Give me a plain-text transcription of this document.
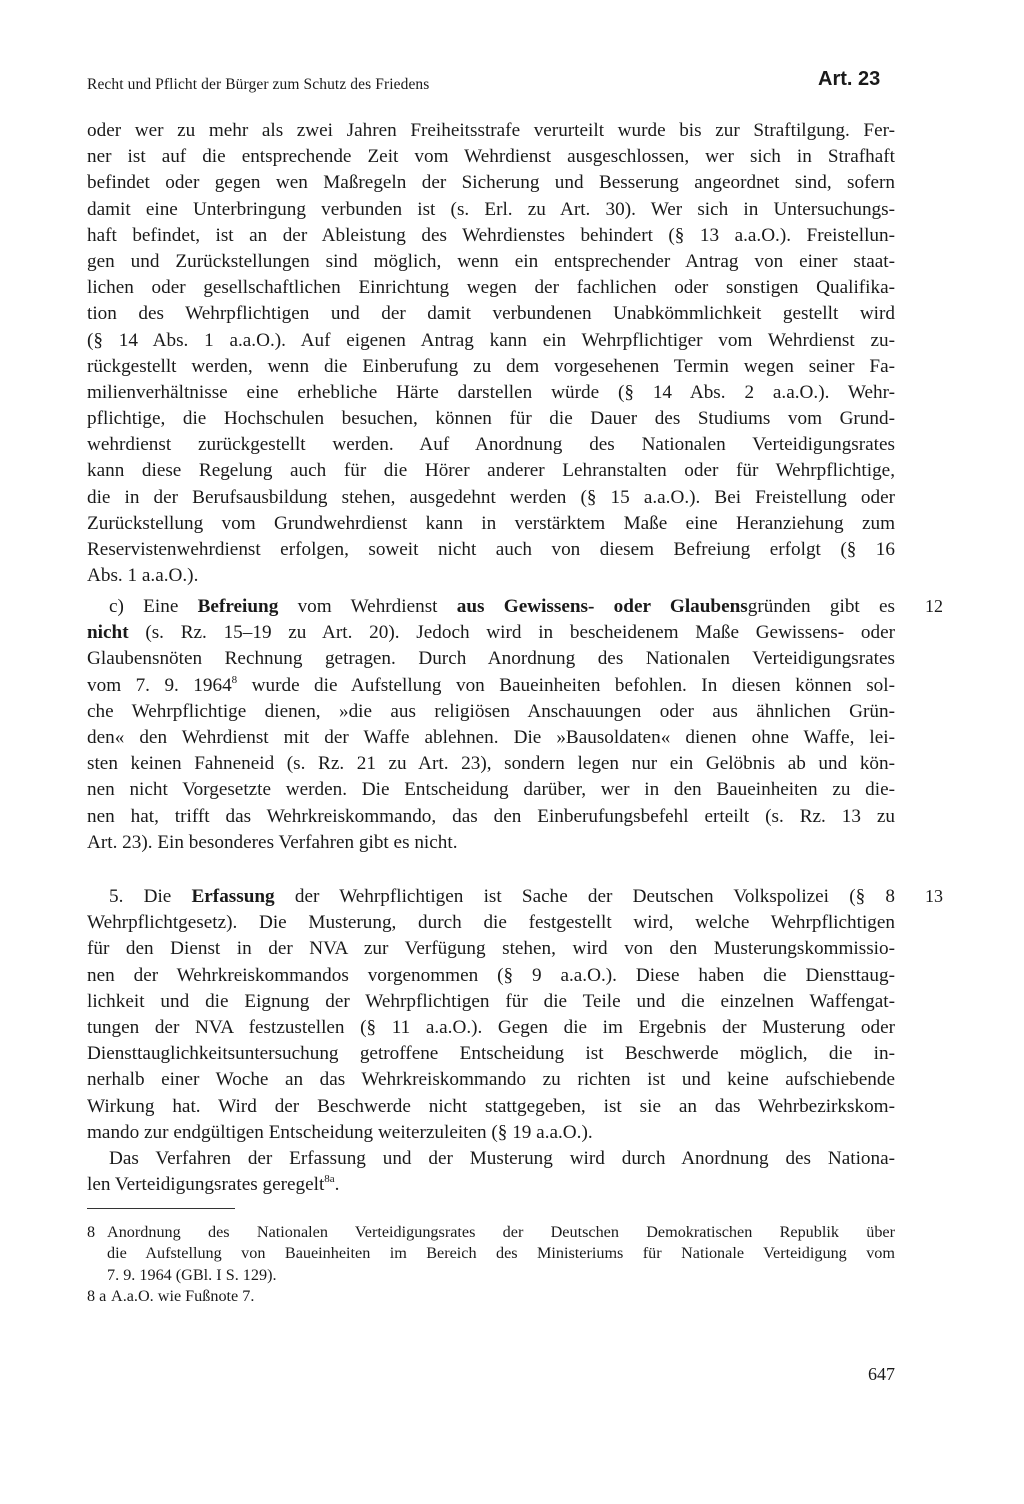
Recht und Pflicht der Bürger zum Schutz des Friedens	Art. 23
oder wer zu mehr als zwei Jahren Freiheitsstrafe verurteilt wurde bis zur Straftilgung. Fer-
ner ist auf die entsprechende Zeit vom Wehrdienst ausgeschlossen, wer sich in Strafhaft
befindet oder gegen wen Maßregeln der Sicherung und Besserung angeordnet sind, sofern
damit eine Unterbringung verbunden ist (s. Erl. zu Art. 30). Wer sich in Untersuchungs-
haft befindet, ist an der Ableistung des Wehrdienstes behindert (§ 13 a.a.O.). Freistellun-
gen und Zurückstellungen sind möglich, wenn ein entsprechender Antrag von einer staat-
lichen oder gesellschaftlichen Einrichtung wegen der fachlichen oder sonstigen Qualifika-
tion des Wehrpflichtigen und der damit verbundenen Unabkömmlichkeit gestellt wird
(§ 14 Abs. 1 a.a.O.). Auf eigenen Antrag kann ein Wehrpflichtiger vom Wehrdienst zu-
rückgestellt werden, wenn die Einberufung zu dem vorgesehenen Termin wegen seiner Fa-
milienverhältnisse eine erhebliche Härte darstellen würde (§ 14 Abs. 2 a.a.O.). Wehr-
pflichtige, die Hochschulen besuchen, können für die Dauer des Studiums vom Grund-
wehrdienst zurückgestellt werden. Auf Anordnung des Nationalen Verteidigungsrates
kann diese Regelung auch für die Hörer anderer Lehranstalten oder für Wehrpflichtige,
die in der Berufsausbildung stehen, ausgedehnt werden (§ 15 a.a.O.). Bei Freistellung oder
Zurückstellung vom Grundwehrdienst kann in verstärktem Maße eine Heranziehung zum
Reservistenwehrdienst erfolgen, soweit nicht auch von diesem Befreiung erfolgt (§ 16
Abs. 1 a.a.O.).
c) Eine Befreiung vom Wehrdienst aus Gewissens- oder Glaubensgründen gibt es
nicht (s. Rz. 15–19 zu Art. 20). Jedoch wird in bescheidenem Maße Gewissens- oder
Glaubensnöten Rechnung getragen. Durch Anordnung des Nationalen Verteidigungsrates
vom 7. 9. 1964$^8$ wurde die Aufstellung von Baueinheiten befohlen. In diesen können sol-
che Wehrpflichtige dienen, »die aus religiösen Anschauungen oder aus ähnlichen Grün-
den« den Wehrdienst mit der Waffe ablehnen. Die »Bausoldaten« dienen ohne Waffe, lei-
sten keinen Fahneneid (s. Rz. 21 zu Art. 23), sondern legen nur ein Gelöbnis ab und kön-
nen nicht Vorgesetzte werden. Die Entscheidung darüber, wer in den Baueinheiten zu die-
nen hat, trifft das Wehrkreiskommando, das den Einberufungsbefehl erteilt (s. Rz. 13 zu
Art. 23). Ein besonderes Verfahren gibt es nicht.
12
5. Die Erfassung der Wehrpflichtigen ist Sache der Deutschen Volkspolizei (§ 8
Wehrpflichtgesetz). Die Musterung, durch die festgestellt wird, welche Wehrpflichtigen
für den Dienst in der NVA zur Verfügung stehen, wird von den Musterungskommissio-
nen der Wehrkreiskommandos vorgenommen (§ 9 a.a.O.). Diese haben die Diensttaug-
lichkeit und die Eignung der Wehrpflichtigen für die Teile und die einzelnen Waffengat-
tungen der NVA festzustellen (§ 11 a.a.O.). Gegen die im Ergebnis der Musterung oder
Diensttauglichkeitsuntersuchung getroffene Entscheidung ist Beschwerde möglich, die in-
nerhalb einer Woche an das Wehrkreiskommando zu richten ist und keine aufschiebende
Wirkung hat. Wird der Beschwerde nicht stattgegeben, ist sie an das Wehrbezirkskom-
mando zur endgültigen Entscheidung weiterzuleiten (§ 19 a.a.O.).
Das Verfahren der Erfassung und der Musterung wird durch Anordnung des Nationa-
len Verteidigungsrates geregelt$^{8a}$.
13
8 Anordnung des Nationalen Verteidigungsrates der Deutschen Demokratischen Republik über
die Aufstellung von Baueinheiten im Bereich des Ministeriums für Nationale Verteidigung vom
7. 9. 1964 (GBl. I S. 129).
8 a A.a.O. wie Fußnote 7.
647
